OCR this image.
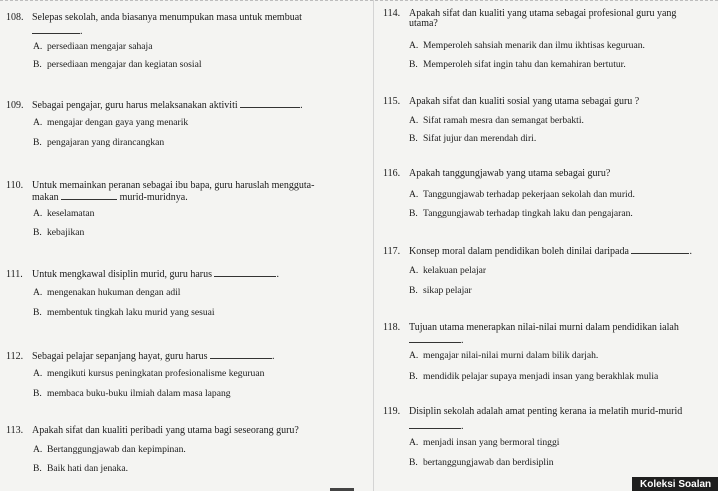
108. Selepas sekolah, anda biasanya menumpukan masa untuk membuat
.
A. persediaan mengajar sahaja
B. persediaan mengajar dan kegiatan sosial
109. Sebagai pengajar, guru harus melaksanakan aktiviti	.
A. mengajar dengan gaya yang menarik
B. pengajaran yang dirancangkan
110. Untuk memainkan peranan sebagai ibu bapa, guru haruslah mengguta-
makan	murid-muridnya.
A. keselamatan
B. kebajikan
111. Untuk mengkawal disiplin murid, guru harus	.
A. mengenakan hukuman dengan adil
B. membentuk tingkah laku murid yang sesuai
112. Sebagai pelajar sepanjang hayat, guru harus	.
A. mengikuti kursus peningkatan profesionalisme keguruan
B. membaca buku-buku ilmiah dalam masa lapang
113. Apakah sifat dan kualiti peribadi yang utama bagi seseorang guru?
A. Bertanggungjawab dan kepimpinan.
B. Baik hati dan jenaka.
114. Apakah sifat dan kualiti yang utama sebagai profesional guru yang
utama?
A. Memperoleh sahsiah menarik dan ilmu ikhtisas keguruan.
B. Memperoleh sifat ingin tahu dan kemahiran bertutur.
115. Apakah sifat dan kualiti sosial yang utama sebagai guru ?
A. Sifat ramah mesra dan semangat berbakti.
B. Sifat jujur dan merendah diri.
116. Apakah tanggungjawab yang utama sebagai guru?
A. Tanggungjawab terhadap pekerjaan sekolah dan murid.
B. Tanggungjawab terhadap tingkah laku dan pengajaran.
117. Konsep moral dalam pendidikan boleh dinilai daripada	.
A. kelakuan pelajar
B. sikap pelajar
118. Tujuan utama menerapkan nilai-nilai murni dalam pendidikan ialah
.
A. mengajar nilai-nilai murni dalam bilik darjah.
B. mendidik pelajar supaya menjadi insan yang berakhlak mulia
119. Disiplin sekolah adalah amat penting kerana ia melatih murid-murid
.
A. menjadi insan yang bermoral tinggi
B. bertanggungjawab dan berdisiplin
Koleksi Soalan
